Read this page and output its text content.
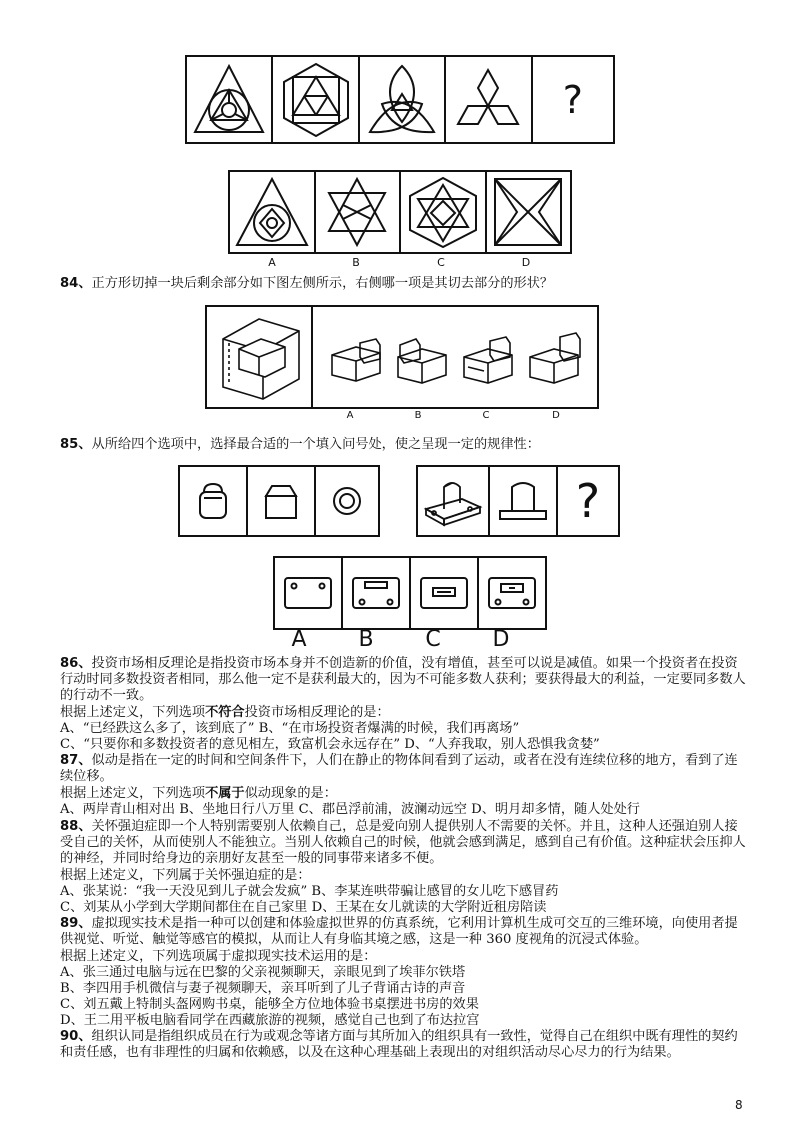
?
A	B	C	D
84、正方形切掉一块后剩余部分如下图左侧所示，右侧哪一项是其切去部分的形状？
A	B	C	D
85、从所给四个选项中，选择最合适的一个填入问号处，使之呈现一定的规律性：
?
A	B	C	D
86、投资市场相反理论是指投资市场本身并不创造新的价值，没有增值，甚至可以说是减值。如果一个投资者在投资行动时同多数投资者相同，那么他一定不是获利最大的，因为不可能多数人获利；要获得最大的利益，一定要同多数人的行动不一致。
根据上述定义，下列选项不符合投资市场相反理论的是：
A、“已经跌这么多了，该到底了” B、“在市场投资者爆满的时候，我们再离场”
C、“只要你和多数投资者的意见相左，致富机会永远存在” D、“人弃我取，别人恐惧我贪婪”
87、似动是指在一定的时间和空间条件下，人们在静止的物体间看到了运动，或者在没有连续位移的地方，看到了连续位移。
根据上述定义，下列选项不属于似动现象的是：
A、两岸青山相对出 B、坐地日行八万里 C、郡邑浮前浦，波澜动远空 D、明月却多情，随人处处行
88、关怀强迫症即一个人特别需要别人依赖自己，总是爱向别人提供别人不需要的关怀。并且，这种人还强迫别人接受自己的关怀，从而使别人不能独立。当别人依赖自己的时候，他就会感到满足，感到自己有价值。这种症状会压抑人的神经，并同时给身边的亲朋好友甚至一般的同事带来诸多不便。
根据上述定义，下列属于关怀强迫症的是：
A、张某说：“我一天没见到儿子就会发疯” B、李某连哄带骗让感冒的女儿吃下感冒药
C、刘某从小学到大学期间都住在自己家里 D、王某在女儿就读的大学附近租房陪读
89、虚拟现实技术是指一种可以创建和体验虚拟世界的仿真系统，它利用计算机生成可交互的三维环境，向使用者提供视觉、听觉、触觉等感官的模拟，从而让人有身临其境之感，这是一种 360 度视角的沉浸式体验。
根据上述定义，下列选项属于虚拟现实技术运用的是：
A、张三通过电脑与远在巴黎的父亲视频聊天，亲眼见到了埃菲尔铁塔
B、李四用手机微信与妻子视频聊天，亲耳听到了儿子背诵古诗的声音
C、刘五戴上特制头盔网购书桌，能够全方位地体验书桌摆进书房的效果
D、王二用平板电脑看同学在西藏旅游的视频，感觉自己也到了布达拉宫
90、组织认同是指组织成员在行为或观念等诸方面与其所加入的组织具有一致性，觉得自己在组织中既有理性的契约和责任感，也有非理性的归属和依赖感，以及在这种心理基础上表现出的对组织活动尽心尽力的行为结果。
8
